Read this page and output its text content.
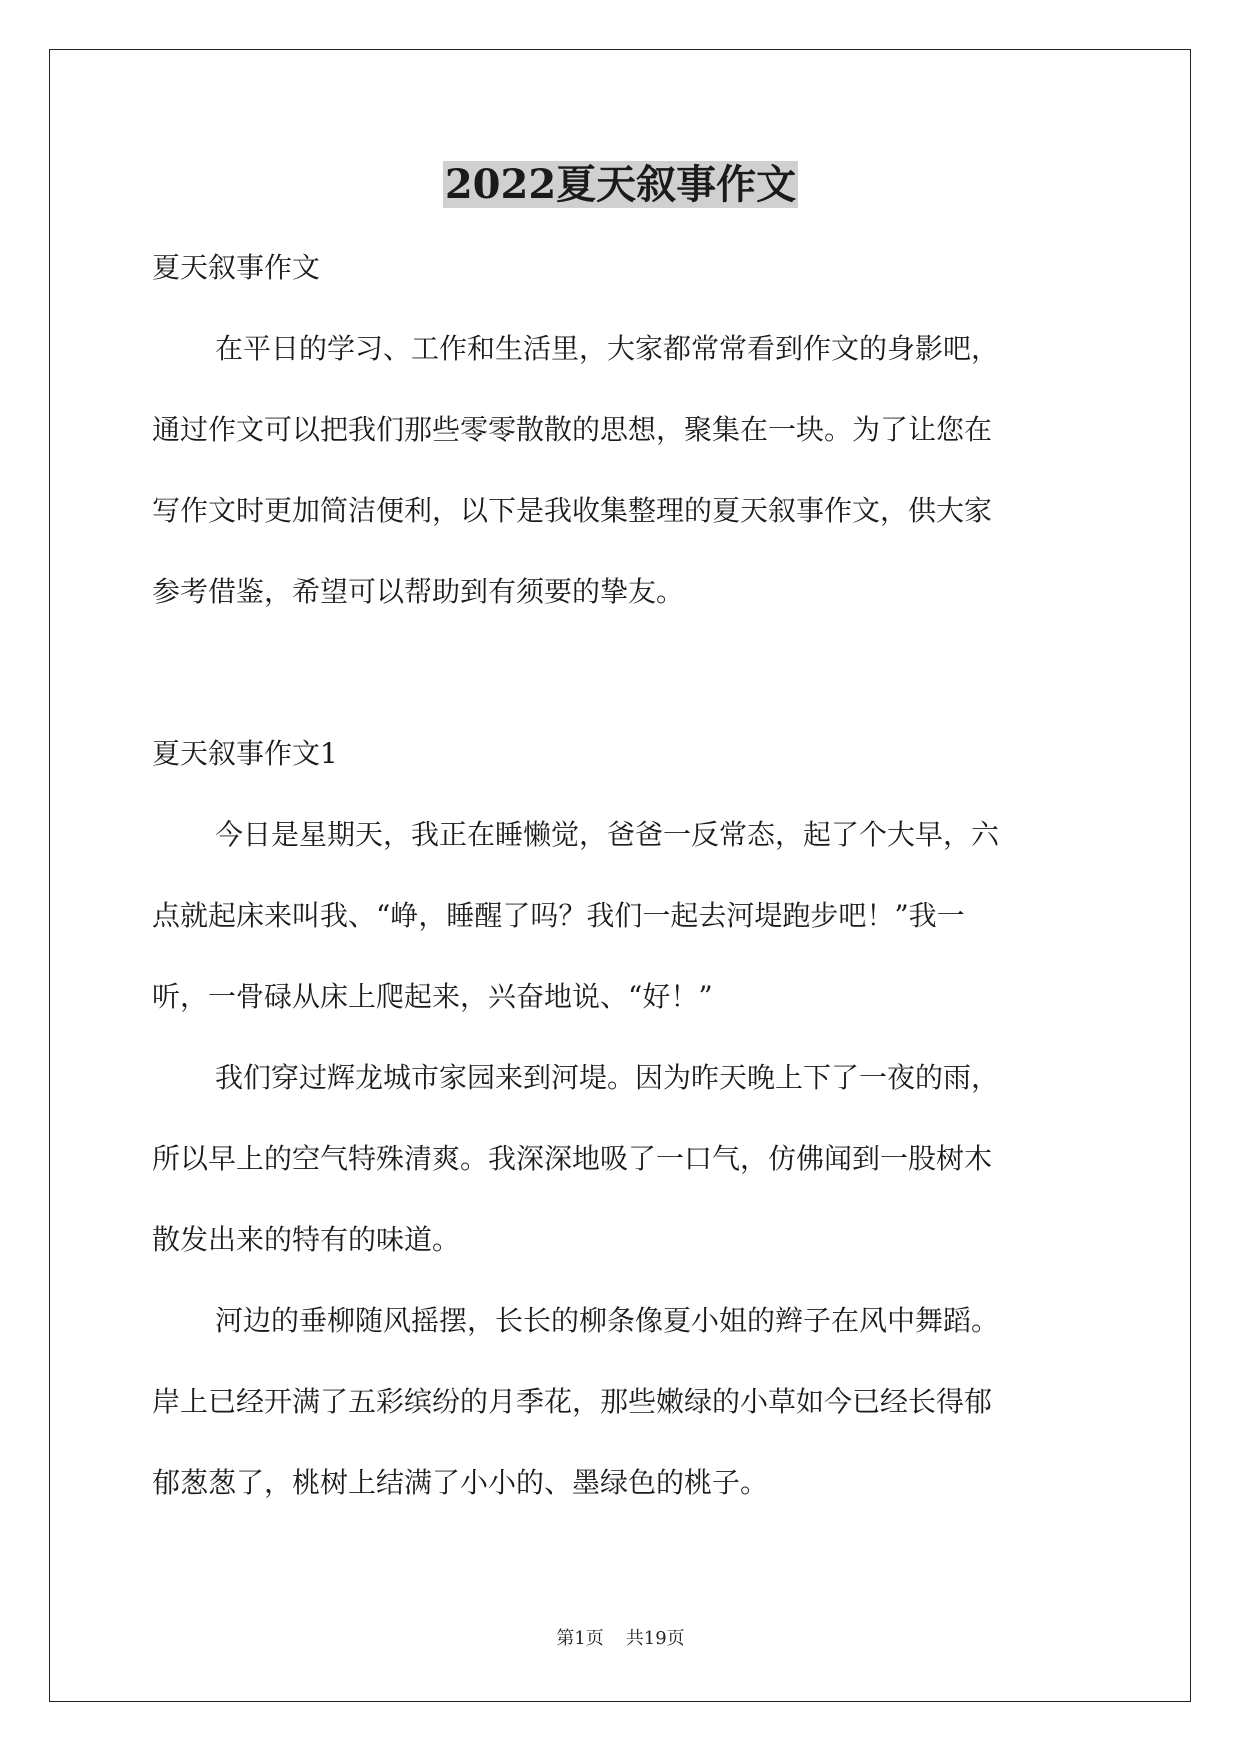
2022夏天叙事作文
夏天叙事作文
在平日的学习、工作和生活里，大家都常常看到作文的身影吧，
通过作文可以把我们那些零零散散的思想，聚集在一块。为了让您在
写作文时更加简洁便利，以下是我收集整理的夏天叙事作文，供大家
参考借鉴，希望可以帮助到有须要的挚友。
夏天叙事作文1
今日是星期天，我正在睡懒觉，爸爸一反常态，起了个大早，六
点就起床来叫我、“峥，睡醒了吗？我们一起去河堤跑步吧！”我一
听，一骨碌从床上爬起来，兴奋地说、“好！”
我们穿过辉龙城市家园来到河堤。因为昨天晚上下了一夜的雨，
所以早上的空气特殊清爽。我深深地吸了一口气，仿佛闻到一股树木
散发出来的特有的味道。
河边的垂柳随风摇摆，长长的柳条像夏小姐的辫子在风中舞蹈。
岸上已经开满了五彩缤纷的月季花，那些嫩绿的小草如今已经长得郁
郁葱葱了，桃树上结满了小小的、墨绿色的桃子。
第1页 共19页
